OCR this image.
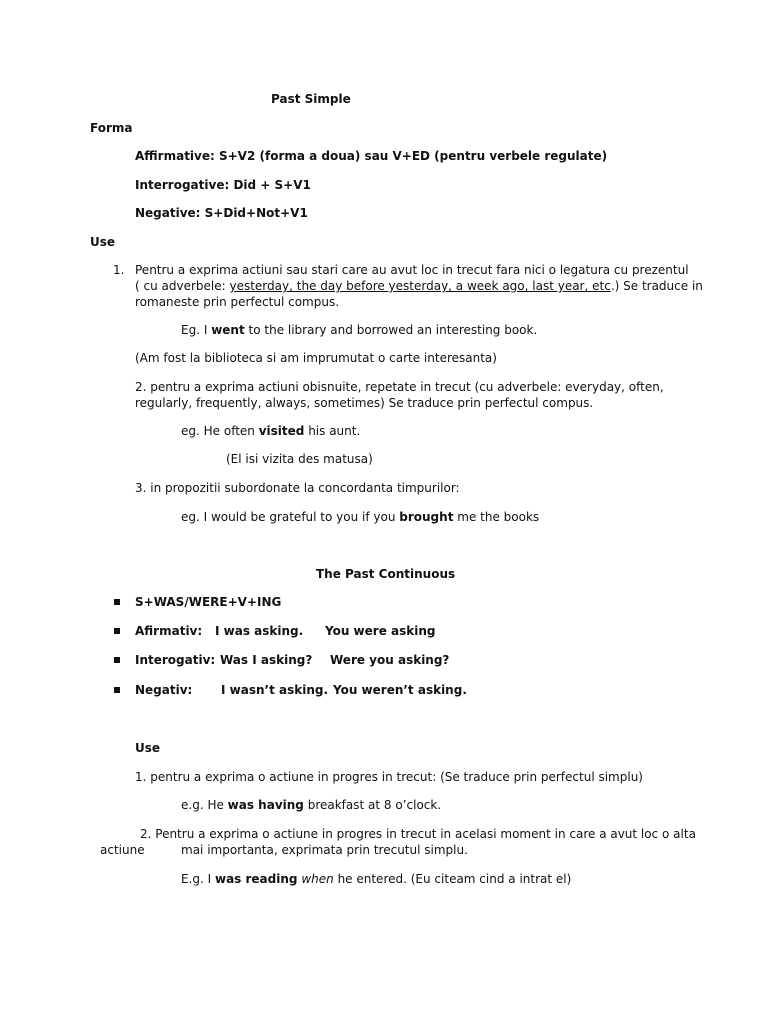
Past Simple
Forma
Affirmative: S+V2 (forma a doua) sau V+ED (pentru verbele regulate)
Interrogative: Did + S+V1
Negative: S+Did+Not+V1
Use
1. Pentru a exprima actiuni sau stari care au avut loc in trecut fara nici o legatura cu prezentul
( cu adverbele: yesterday, the day before yesterday, a week ago, last year, etc.) Se traduce in
romaneste prin perfectul compus.
Eg. I went to the library and borrowed an interesting book.
(Am fost la biblioteca si am imprumutat o carte interesanta)
2. pentru a exprima actiuni obisnuite, repetate in trecut (cu adverbele: everyday, often,
regularly, frequently, always, sometimes) Se traduce prin perfectul compus.
eg. He often visited his aunt.
(El isi vizita des matusa)
3. in propozitii subordonate la concordanta timpurilor:
eg. I would be grateful to you if you brought me the books
The Past Continuous
S+WAS/WERE+V+ING
Afirmativ: I was asking. You were asking
Interogativ: Was I asking? Were you asking?
Negativ: I wasn’t asking. You weren’t asking.
Use
1. pentru a exprima o actiune in progres in trecut: (Se traduce prin perfectul simplu)
e.g. He was having breakfast at 8 o’clock.
2. Pentru a exprima o actiune in progres in trecut in acelasi moment in care a avut loc o alta
actiune	mai importanta, exprimata prin trecutul simplu.
E.g. I was reading when he entered. (Eu citeam cind a intrat el)
